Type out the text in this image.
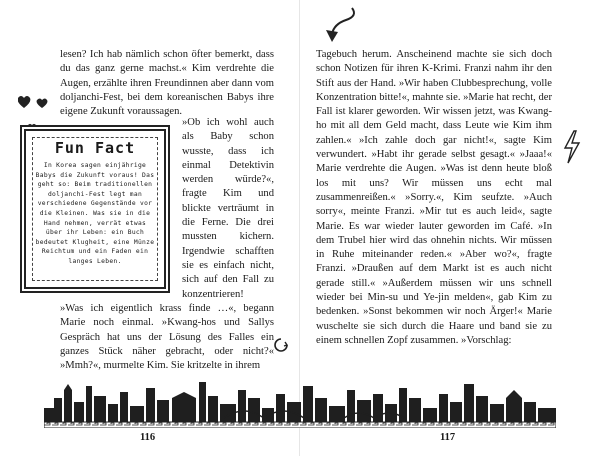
lesen? Ich hab nämlich schon öfter bemerkt, dass du das ganz gerne machst.« Kim verdrehte die Augen, erzählte ihren Freundinnen aber dann vom doljanchi-Fest, bei dem koreanischen Babys ihre eigene Zukunft voraussagen.
Fun Fact
In Korea sagen einjährige Babys die Zukunft voraus! Das geht so: Beim traditionellen doljanchi-Fest legt man verschiedene Gegenstände vor die Kleinen. Was sie in die Hand nehmen, verrät etwas über ihr Leben: ein Buch bedeutet Klugheit, eine Münze Reichtum und ein Faden ein langes Leben.
»Ob ich wohl auch als Baby schon wusste, dass ich einmal Detektivin werden würde?«, fragte Kim und blickte verträumt in die Ferne. Die drei mussten kichern. Irgendwie schafften sie es einfach nicht, sich auf den Fall zu konzentrieren!
»Was ich eigentlich krass finde …«, begann Marie noch einmal. »Kwang-hos und Sallys Gespräch hat uns der Lösung des Falles ein ganzes Stück näher gebracht, oder nicht?« »Mmh?«, murmelte Kim. Sie kritzelte in ihrem
116
Tagebuch herum. Anscheinend machte sie sich doch schon Notizen für ihren K-Krimi. Franzi nahm ihr den Stift aus der Hand. »Wir haben Clubbesprechung, volle Konzentration bitte!«, mahnte sie. »Marie hat recht, der Fall ist klarer geworden. Wir wissen jetzt, was Kwang-ho mit all dem Geld macht, dass Leute wie Kim ihm zahlen.« »Ich zahle doch gar nicht!«, sagte Kim verwundert. »Habt ihr gerade selbst gesagt.« »Jaaa!« Marie verdrehte die Augen. »Was ist denn heute bloß los mit uns? Wir müssen uns echt mal zusammenreißen.« »Sorry.«, Kim seufzte. »Auch sorry«, meinte Franzi. »Mir tut es auch leid«, sagte Marie. Es war wieder lauter geworden im Café. »In dem Trubel hier wird das ohnehin nichts. Wir müssen in Ruhe miteinander reden.« »Aber wo?«, fragte Franzi. »Draußen auf dem Markt ist es auch nicht gerade still.« »Außerdem müssen wir uns schnell wieder bei Min-su und Ye-jin melden«, gab Kim zu bedenken. »Sonst bekommen wir noch Ärger!« Marie wuschelte sie sich durch die Haare und band sie zu einem schnellen Zopf zusammen. »Vorschlag:
117
